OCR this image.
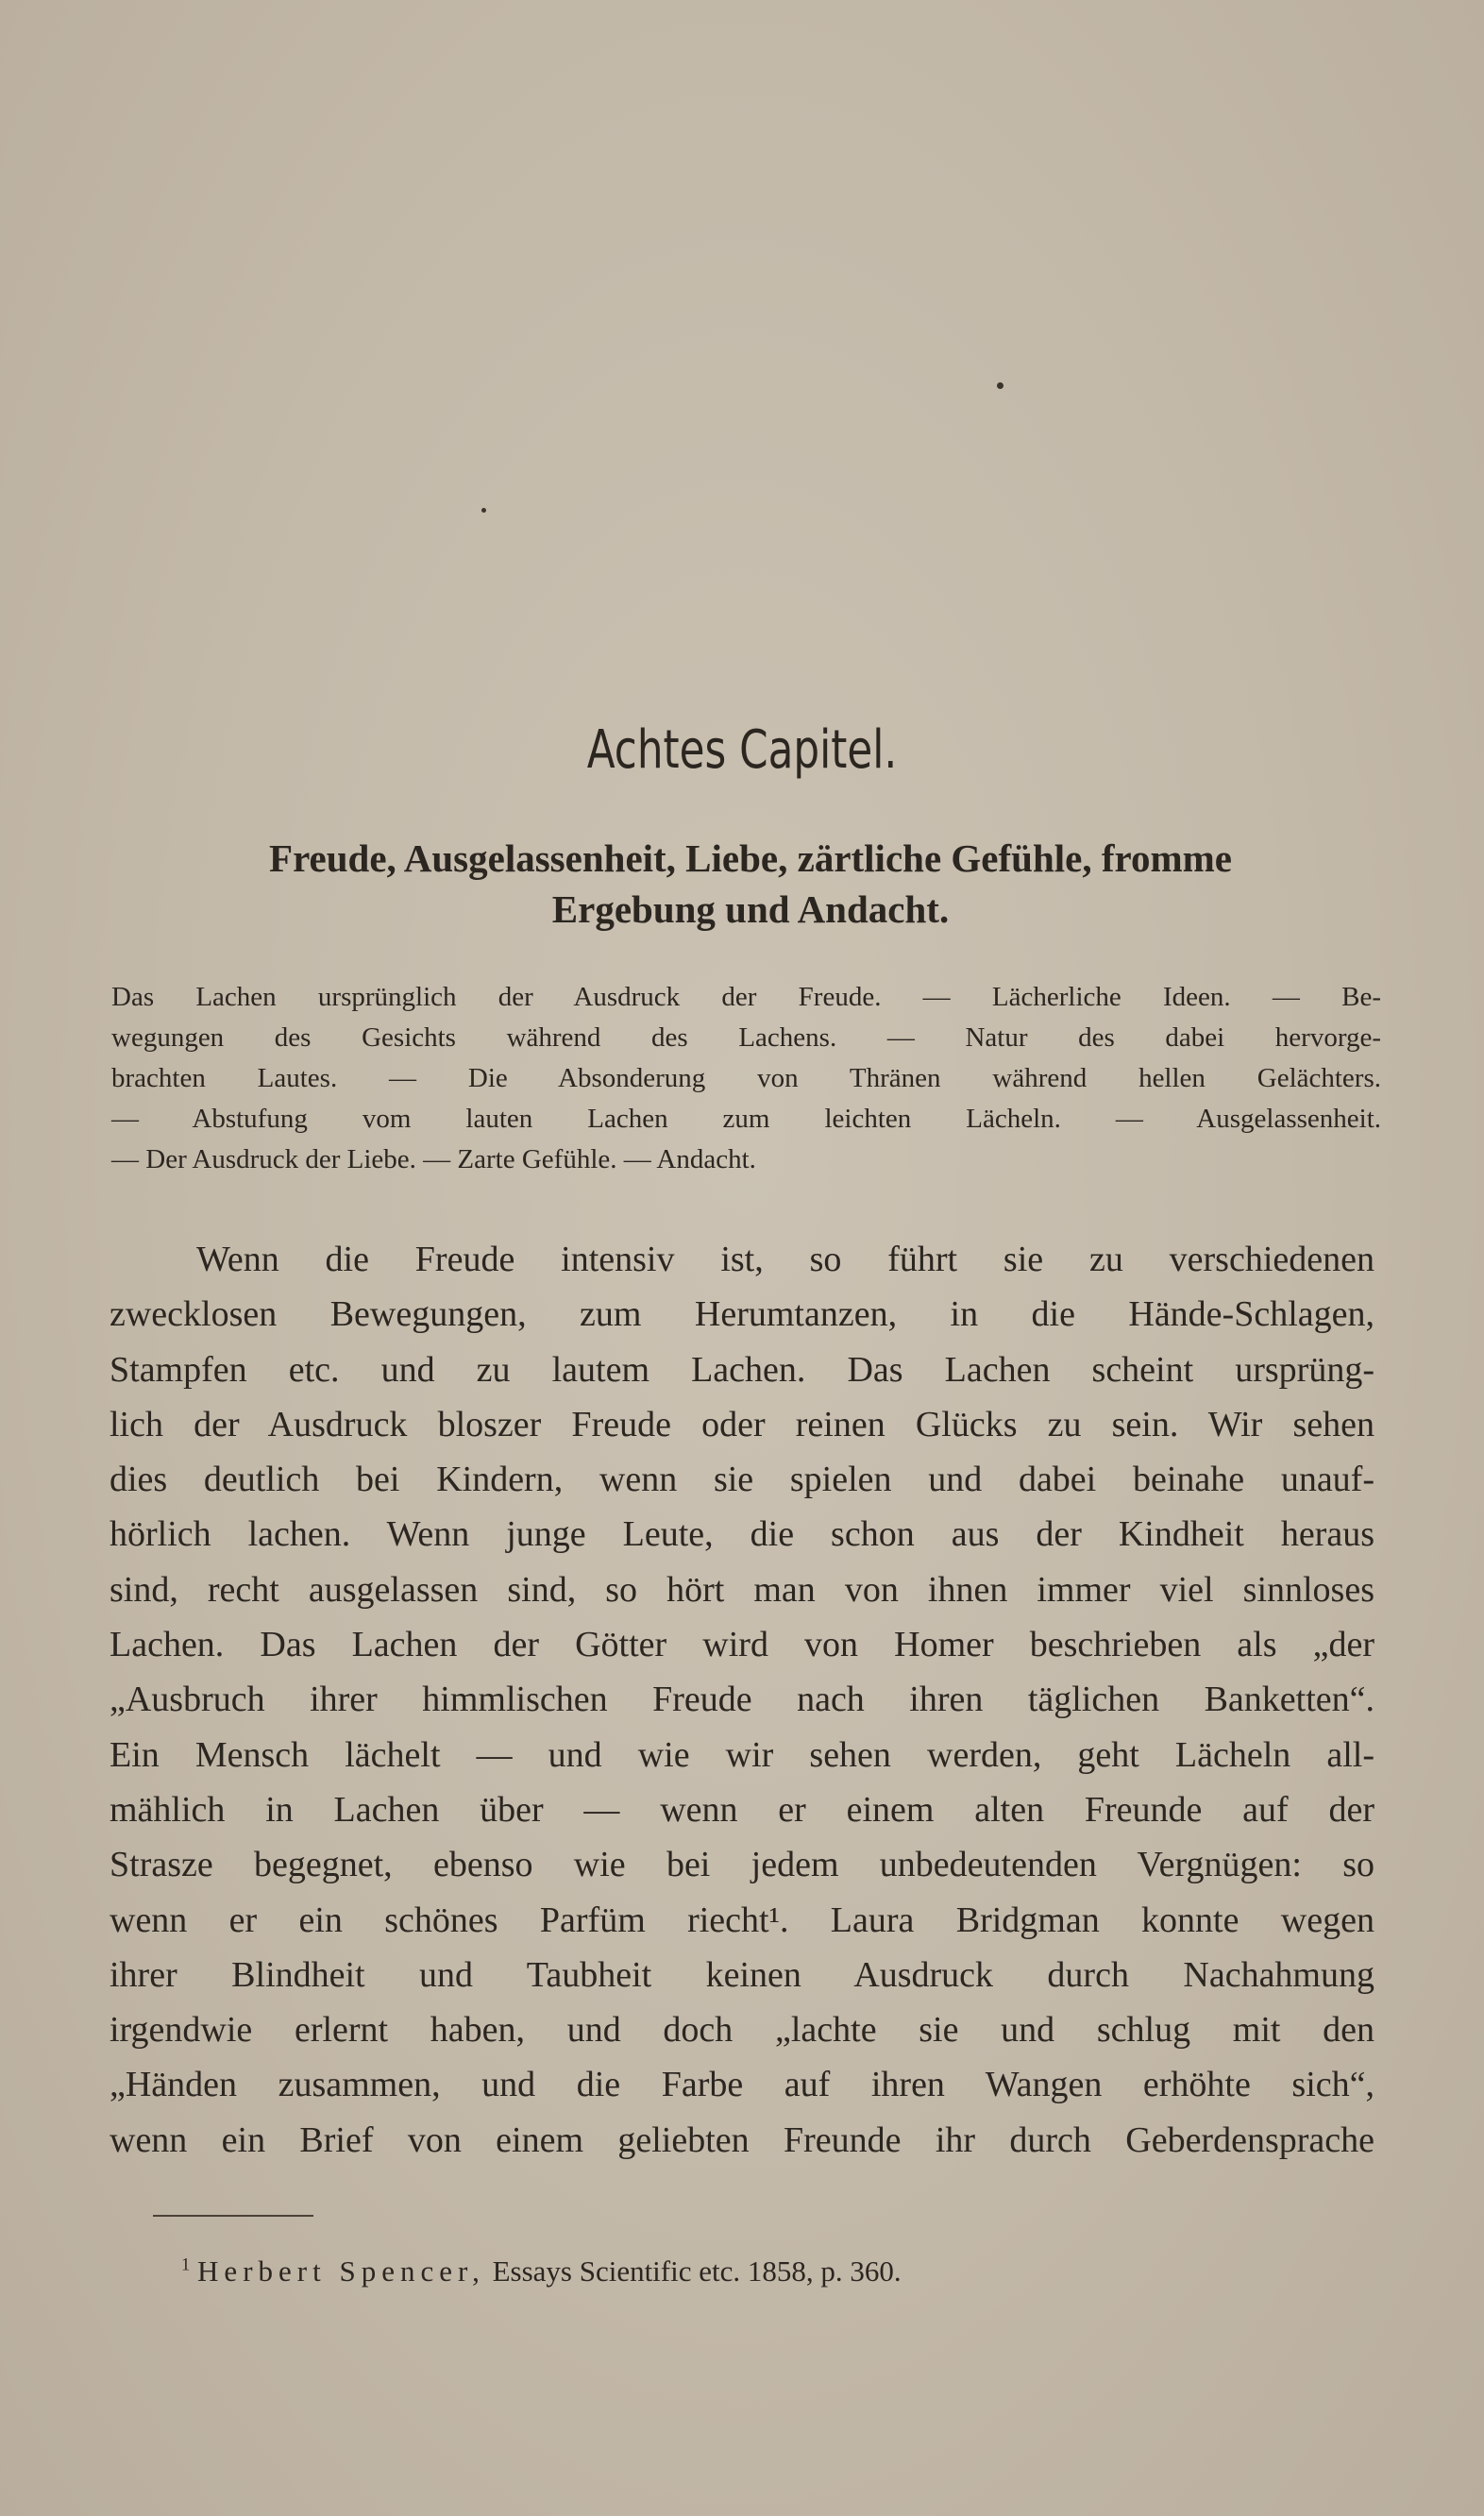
Achtes Capitel.
Freude, Ausgelassenheit, Liebe, zärtliche Gefühle, fromme
Ergebung und Andacht.
Das Lachen ursprünglich der Ausdruck der Freude. — Lächerliche Ideen. — Be-
wegungen des Gesichts während des Lachens. — Natur des dabei hervorge-
brachten Lautes. — Die Absonderung von Thränen während hellen Gelächters.
— Abstufung vom lauten Lachen zum leichten Lächeln. — Ausgelassenheit.
— Der Ausdruck der Liebe. — Zarte Gefühle. — Andacht.
Wenn die Freude intensiv ist, so führt sie zu verschiedenen
zwecklosen Bewegungen, zum Herumtanzen, in die Hände-Schlagen,
Stampfen etc. und zu lautem Lachen. Das Lachen scheint ursprüng-
lich der Ausdruck bloszer Freude oder reinen Glücks zu sein. Wir sehen
dies deutlich bei Kindern, wenn sie spielen und dabei beinahe unauf-
hörlich lachen. Wenn junge Leute, die schon aus der Kindheit heraus
sind, recht ausgelassen sind, so hört man von ihnen immer viel sinnloses
Lachen. Das Lachen der Götter wird von Homer beschrieben als „der
„Ausbruch ihrer himmlischen Freude nach ihren täglichen Banketten“.
Ein Mensch lächelt — und wie wir sehen werden, geht Lächeln all-
mählich in Lachen über — wenn er einem alten Freunde auf der
Strasze begegnet, ebenso wie bei jedem unbedeutenden Vergnügen: so
wenn er ein schönes Parfüm riecht¹. Laura Bridgman konnte wegen
ihrer Blindheit und Taubheit keinen Ausdruck durch Nachahmung
irgendwie erlernt haben, und doch „lachte sie und schlug mit den
„Händen zusammen, und die Farbe auf ihren Wangen erhöhte sich“,
wenn ein Brief von einem geliebten Freunde ihr durch Geberdensprache
$^1$ Herbert Spencer, Essays Scientific etc. 1858, p. 360.
